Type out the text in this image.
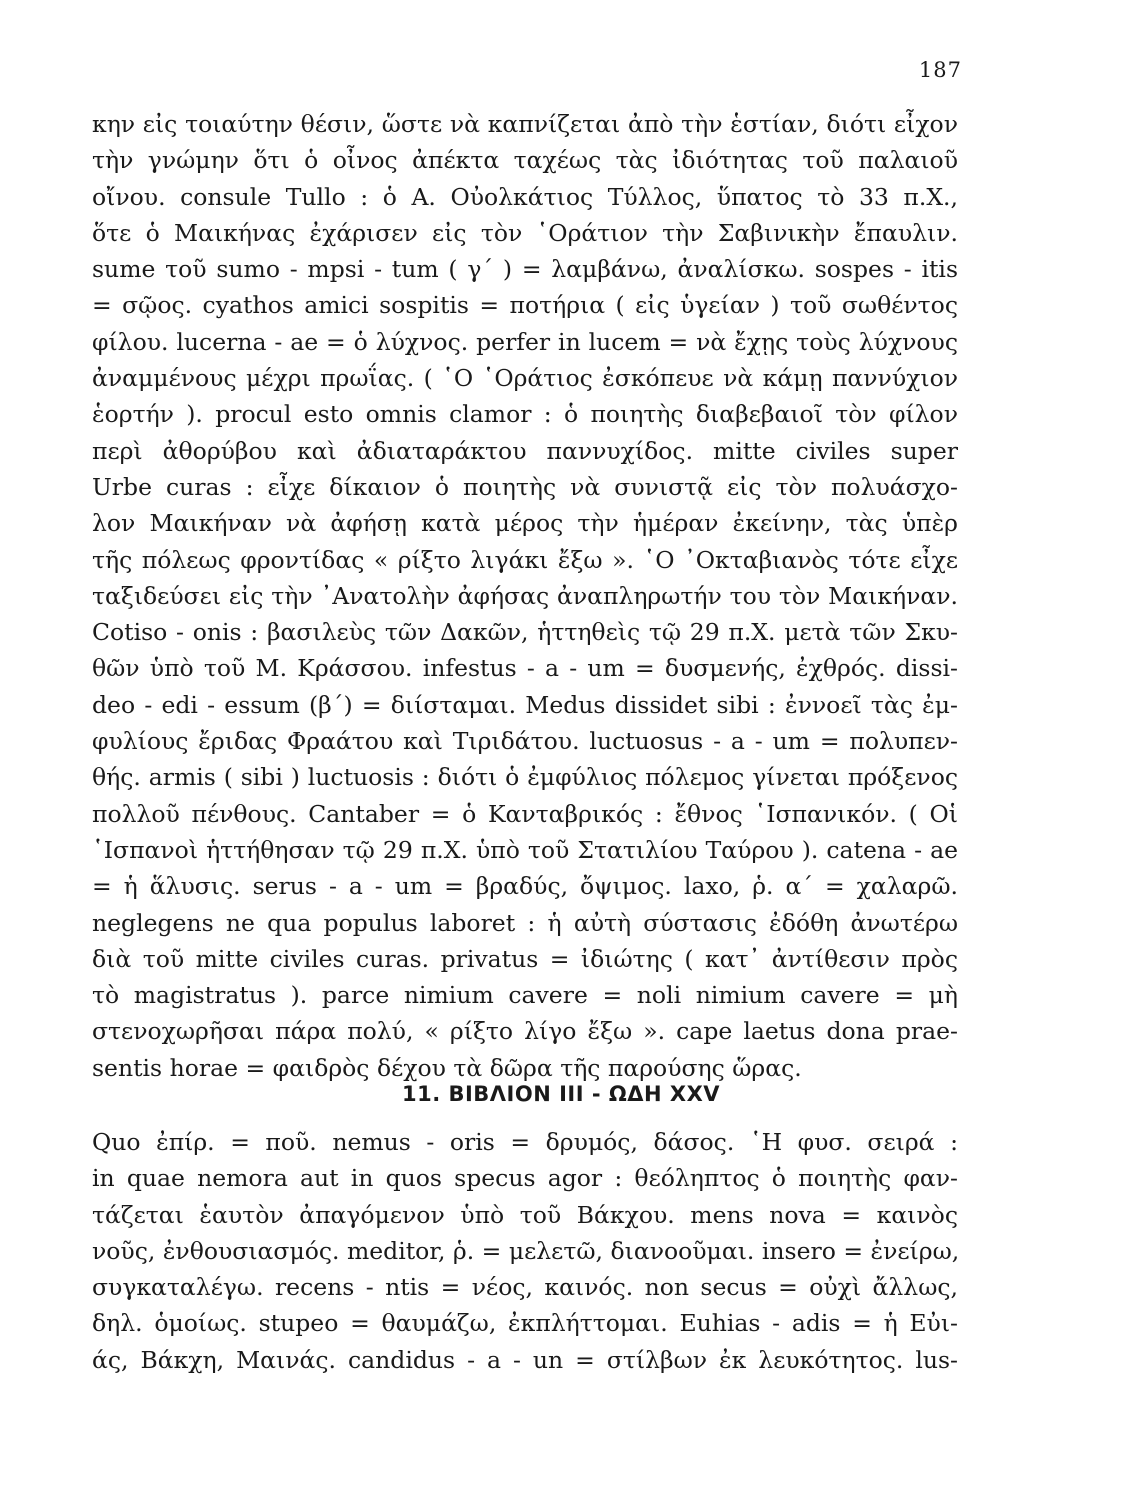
187
κην εἰς τοιαύτην θέσιν, ὥστε νὰ καπνίζεται ἀπὸ τὴν ἑστίαν, διότι εἶχον
τὴν γνώμην ὅτι ὁ οἶνος ἀπέκτα ταχέως τὰς ἰδιότητας τοῦ παλαιοῦ
οἴνου. consule Tullo : ὁ Α. Οὐολκάτιος Τύλλος, ὕπατος τὸ 33 π.Χ.,
ὅτε ὁ Μαικήνας ἐχάρισεν εἰς τὸν ῾Οράτιον τὴν Σαβινικὴν ἔπαυλιν.
sume τοῦ sumo - mpsi - tum ( γ΄ ) = λαμβάνω, ἀναλίσκω. sospes - itis
= σῷος. cyathos amici sospitis = ποτήρια ( εἰς ὑγείαν ) τοῦ σωθέντος
φίλου. lucerna - ae = ὁ λύχνος. perfer in lucem = νὰ ἔχῃς τοὺς λύχνους
ἀναμμένους μέχρι πρωΐας. ( ῾Ο ῾Οράτιος ἐσκόπευε νὰ κάμῃ παννύχιον
ἑορτήν ). procul esto omnis clamor : ὁ ποιητὴς διαβεβαιοῖ τὸν φίλον
περὶ ἀθορύβου καὶ ἀδιαταράκτου παννυχίδος. mitte civiles super
Urbe curas : εἶχε δίκαιον ὁ ποιητὴς νὰ συνιστᾷ εἰς τὸν πολυάσχο-
λον Μαικήναν νὰ ἀφήσῃ κατὰ μέρος τὴν ἡμέραν ἐκείνην, τὰς ὑπὲρ
τῆς πόλεως φροντίδας « ρίξτο λιγάκι ἔξω ». ῾Ο ᾿Οκταβιανὸς τότε εἶχε
ταξιδεύσει εἰς τὴν ᾿Ανατολὴν ἀφήσας ἀναπληρωτήν του τὸν Μαικήναν.
Cotiso - onis : βασιλεὺς τῶν Δακῶν, ἡττηθεὶς τῷ 29 π.Χ. μετὰ τῶν Σκυ-
θῶν ὑπὸ τοῦ Μ. Κράσσου. infestus - a - um = δυσμενής, ἐχθρός. dissi-
deo - edi - essum (β΄) = διίσταμαι. Medus dissidet sibi : ἐννοεῖ τὰς ἐμ-
φυλίους ἔριδας Φραάτου καὶ Τιριδάτου. luctuosus - a - um = πολυπεν-
θής. armis ( sibi ) luctuosis : διότι ὁ ἐμφύλιος πόλεμος γίνεται πρόξενος
πολλοῦ πένθους. Cantaber = ὁ Κανταβρικός : ἔθνος ῾Ισπανικόν. ( Οἱ
῾Ισπανοὶ ἡττήθησαν τῷ 29 π.Χ. ὑπὸ τοῦ Στατιλίου Ταύρου ). catena - ae
= ἡ ἅλυσις. serus - a - um = βραδύς, ὄψιμος. laxo, ῥ. α΄ = χαλαρῶ.
neglegens ne qua populus laboret : ἡ αὐτὴ σύστασις ἐδόθη ἀνωτέρω
διὰ τοῦ mitte civiles curas. privatus = ἰδιώτης ( κατ᾽ ἀντίθεσιν πρὸς
τὸ magistratus ). parce nimium cavere = noli nimium cavere = μὴ
στενοχωρῆσαι πάρα πολύ, « ρίξτο λίγο ἔξω ». cape laetus dona prae-
sentis horae = φαιδρὸς δέχου τὰ δῶρα τῆς παρούσης ὥρας.
11. ΒΙΒΛΙΟΝ III - ΩΔΗ XXV
Quo ἐπίρ. = ποῦ. nemus - oris = δρυμός, δάσος. ῾Η φυσ. σειρά :
in quae nemora aut in quos specus agor : θεόληπτος ὁ ποιητὴς φαν-
τάζεται ἑαυτὸν ἀπαγόμενον ὑπὸ τοῦ Βάκχου. mens nova = καινὸς
νοῦς, ἐνθουσιασμός. meditor, ῥ. = μελετῶ, διανοοῦμαι. insero = ἐνείρω,
συγκαταλέγω. recens - ntis = νέος, καινός. non secus = οὐχὶ ἄλλως,
δηλ. ὁμοίως. stupeo = θαυμάζω, ἐκπλήττομαι. Euhias - adis = ἡ Εὐι-
άς, Βάκχη, Μαινάς. candidus - a - un = στίλβων ἐκ λευκότητος. lus-
